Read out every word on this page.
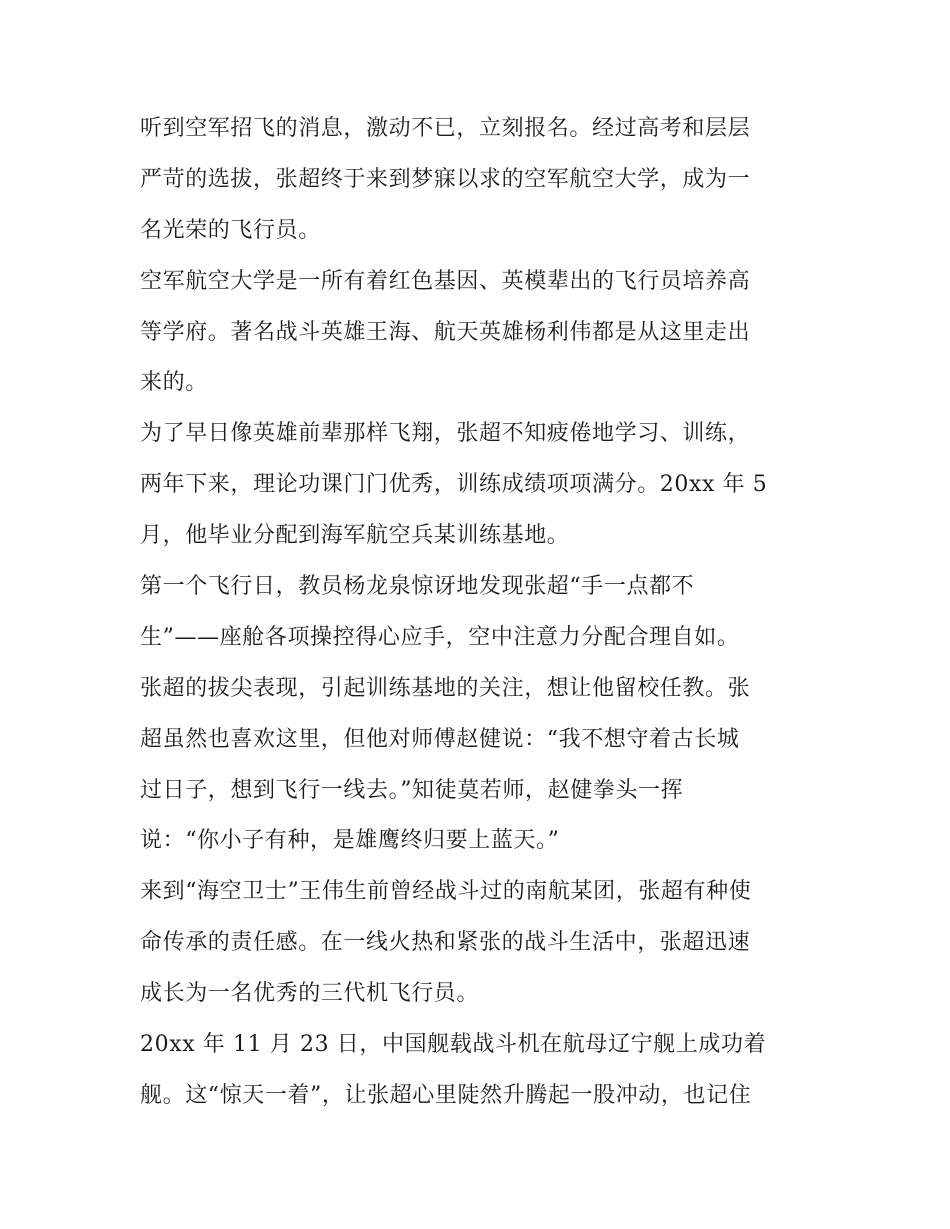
听到空军招飞的消息，激动不已，立刻报名。经过高考和层层
严苛的选拔，张超终于来到梦寐以求的空军航空大学，成为一
名光荣的飞行员。
空军航空大学是一所有着红色基因、英模辈出的飞行员培养高
等学府。著名战斗英雄王海、航天英雄杨利伟都是从这里走出
来的。
为了早日像英雄前辈那样飞翔，张超不知疲倦地学习、训练，
两年下来，理论功课门门优秀，训练成绩项项满分。20xx 年 5
月，他毕业分配到海军航空兵某训练基地。
第一个飞行日，教员杨龙泉惊讶地发现张超“手一点都不
生”——座舱各项操控得心应手，空中注意力分配合理自如。
张超的拔尖表现，引起训练基地的关注，想让他留校任教。张
超虽然也喜欢这里，但他对师傅赵健说：“我不想守着古长城
过日子，想到飞行一线去。”知徒莫若师，赵健拳头一挥
说：“你小子有种，是雄鹰终归要上蓝天。”
来到“海空卫士”王伟生前曾经战斗过的南航某团，张超有种使
命传承的责任感。在一线火热和紧张的战斗生活中，张超迅速
成长为一名优秀的三代机飞行员。
20xx 年 11 月 23 日，中国舰载战斗机在航母辽宁舰上成功着
舰。这“惊天一着”，让张超心里陡然升腾起一股冲动，也记住
